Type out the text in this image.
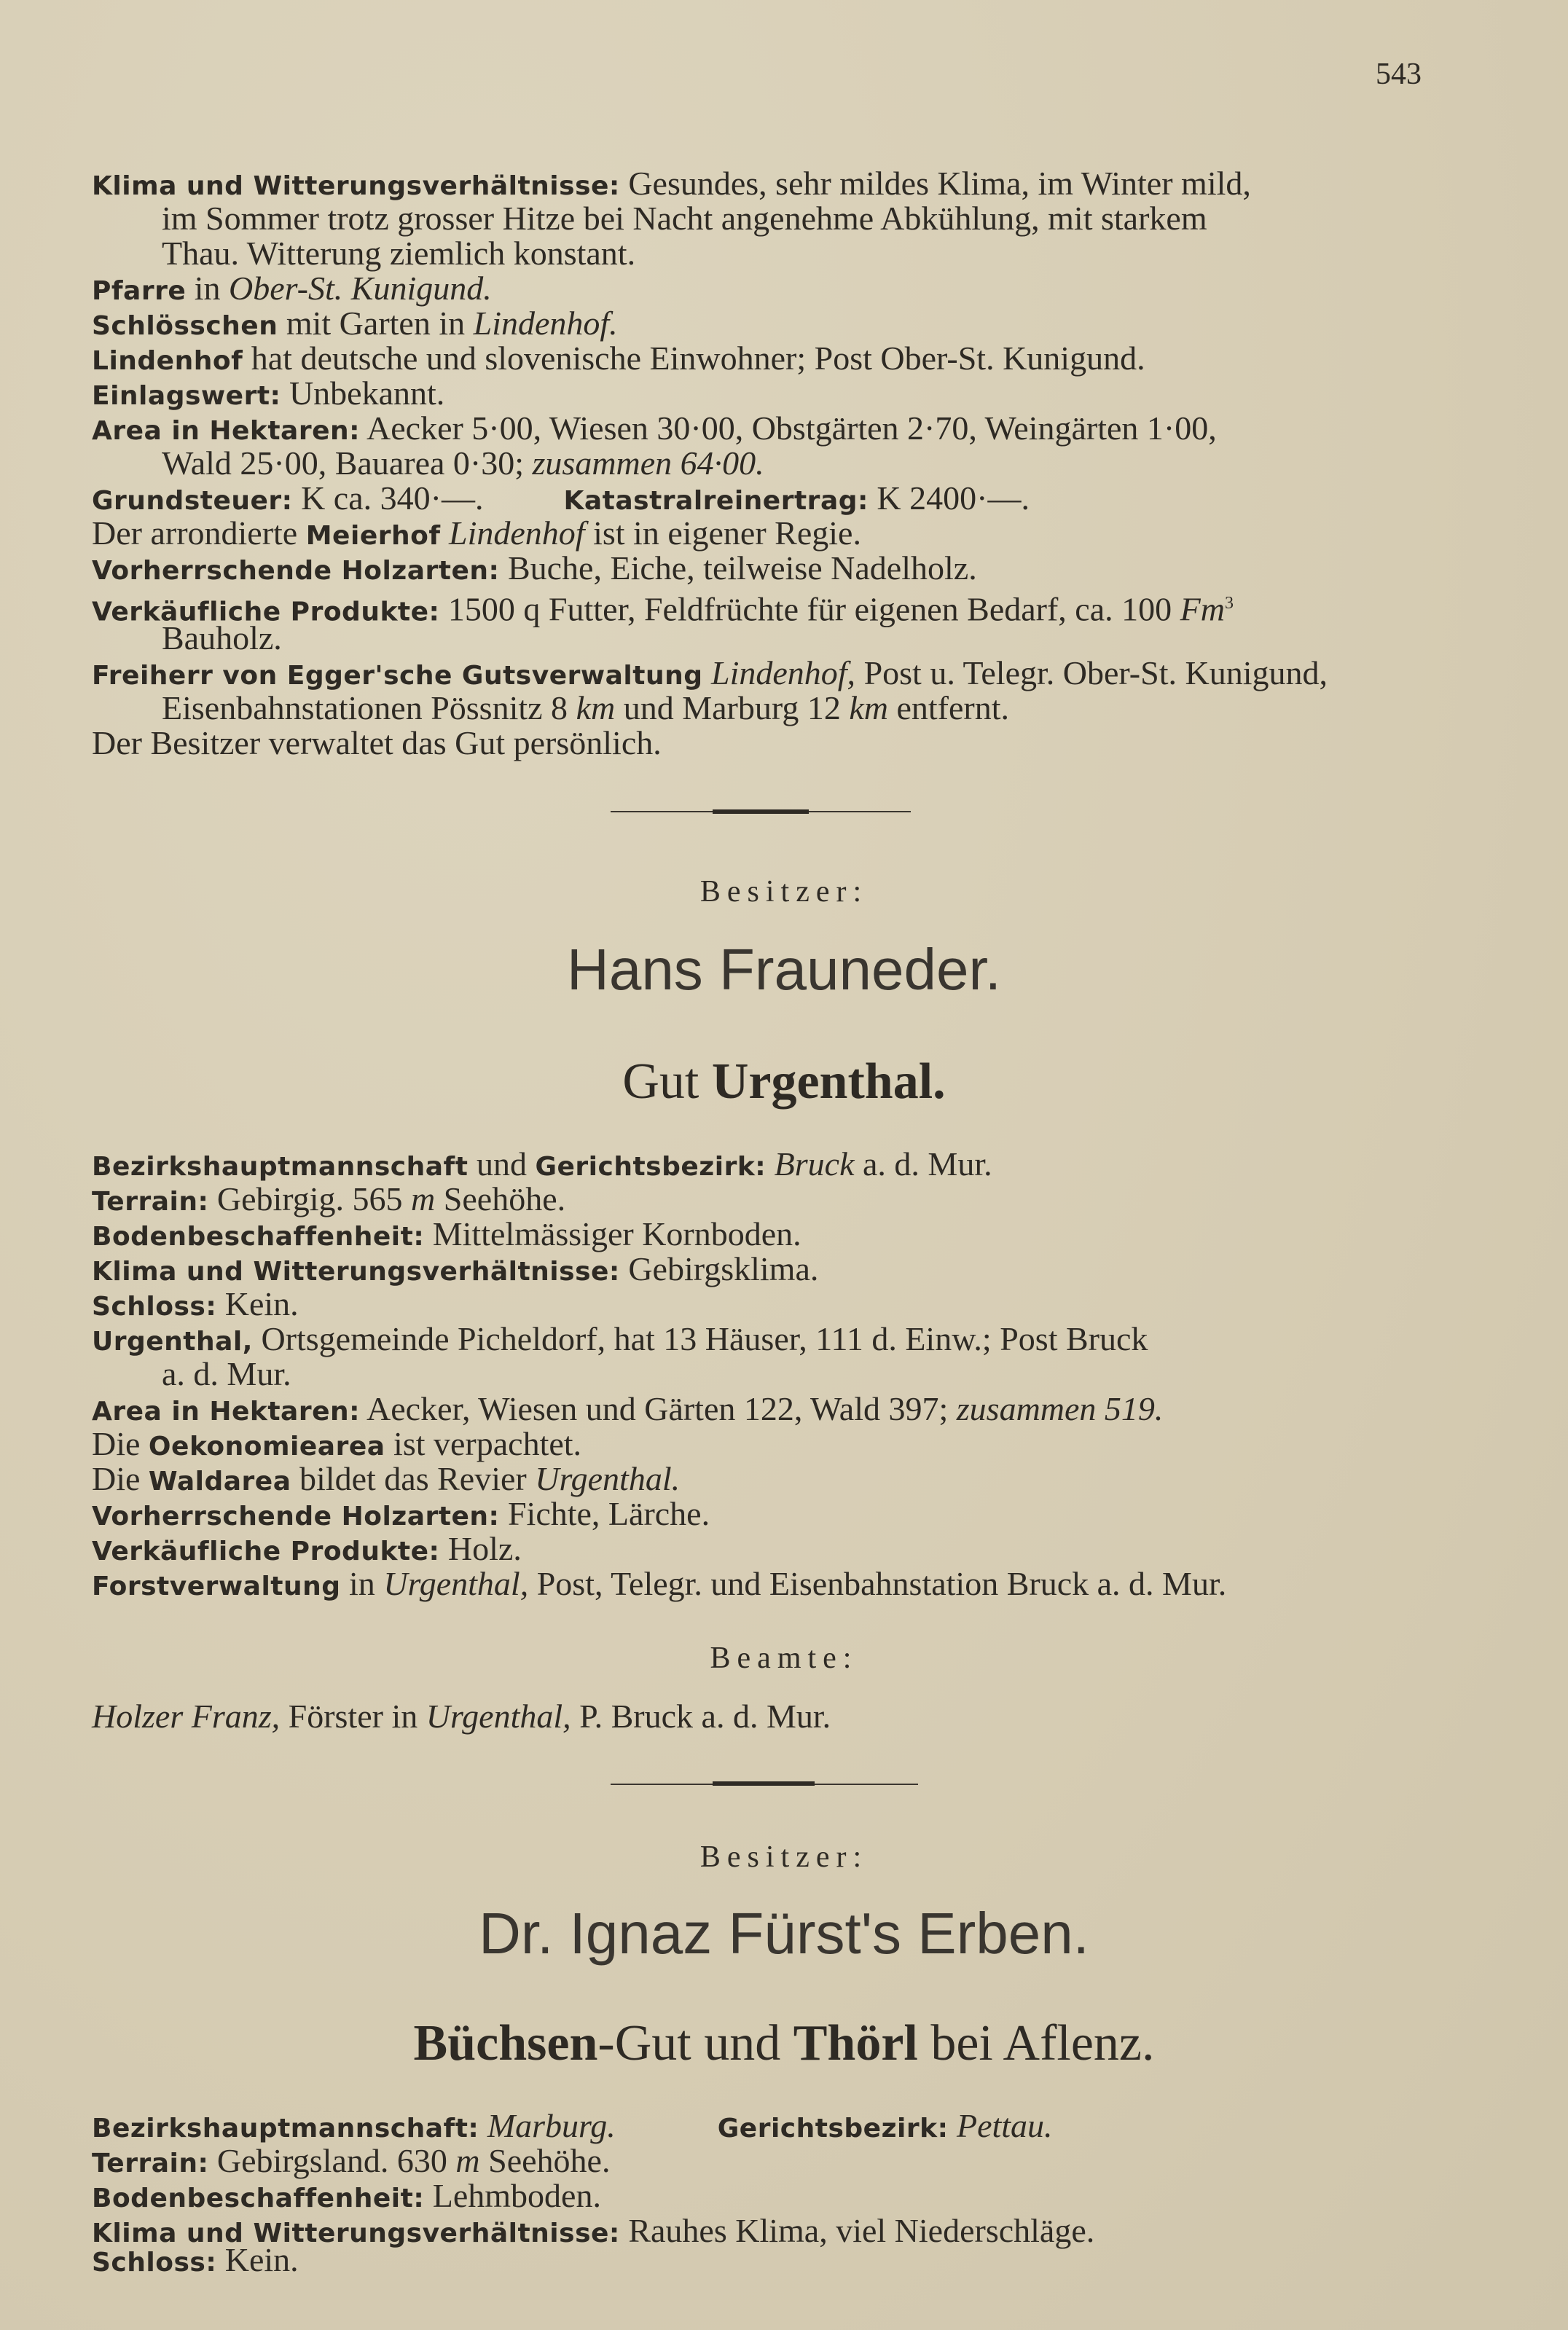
543
Klima und Witterungsverhältnisse: Gesundes, sehr mildes Klima, im Winter mild,
im Sommer trotz grosser Hitze bei Nacht angenehme Abkühlung, mit starkem
Thau. Witterung ziemlich konstant.
Pfarre in Ober-St. Kunigund.
Schlösschen mit Garten in Lindenhof.
Lindenhof hat deutsche und slovenische Einwohner; Post Ober-St. Kunigund.
Einlagswert: Unbekannt.
Area in Hektaren: Aecker 5·00, Wiesen 30·00, Obstgärten 2·70, Weingärten 1·00,
Wald 25·00, Bauarea 0·30; zusammen 64·00.
Grundsteuer: K ca. 340·—.	Katastralreinertrag: K 2400·—.
Der arrondierte Meierhof Lindenhof ist in eigener Regie.
Vorherrschende Holzarten: Buche, Eiche, teilweise Nadelholz.
Verkäufliche Produkte: 1500 q Futter, Feldfrüchte für eigenen Bedarf, ca. 100 Fm$^3$
Bauholz.
Freiherr von Egger'sche Gutsverwaltung Lindenhof, Post u. Telegr. Ober-St. Kunigund,
Eisenbahnstationen Pössnitz 8 km und Marburg 12 km entfernt.
Der Besitzer verwaltet das Gut persönlich.
Besitzer:
Hans Frauneder.
Gut Urgenthal.
Bezirkshauptmannschaft und Gerichtsbezirk: Bruck a. d. Mur.
Terrain: Gebirgig. 565 m Seehöhe.
Bodenbeschaffenheit: Mittelmässiger Kornboden.
Klima und Witterungsverhältnisse: Gebirgsklima.
Schloss: Kein.
Urgenthal, Ortsgemeinde Picheldorf, hat 13 Häuser, 111 d. Einw.; Post Bruck
a. d. Mur.
Area in Hektaren: Aecker, Wiesen und Gärten 122, Wald 397; zusammen 519.
Die Oekonomiearea ist verpachtet.
Die Waldarea bildet das Revier Urgenthal.
Vorherrschende Holzarten: Fichte, Lärche.
Verkäufliche Produkte: Holz.
Forstverwaltung in Urgenthal, Post, Telegr. und Eisenbahnstation Bruck a. d. Mur.
Beamte:
Holzer Franz, Förster in Urgenthal, P. Bruck a. d. Mur.
Besitzer:
Dr. Ignaz Fürst's Erben.
Büchsen-Gut und Thörl bei Aflenz.
Bezirkshauptmannschaft: Marburg.	Gerichtsbezirk: Pettau.
Terrain: Gebirgsland. 630 m Seehöhe.
Bodenbeschaffenheit: Lehmboden.
Klima und Witterungsverhältnisse: Rauhes Klima, viel Niederschläge.
Schloss: Kein.
